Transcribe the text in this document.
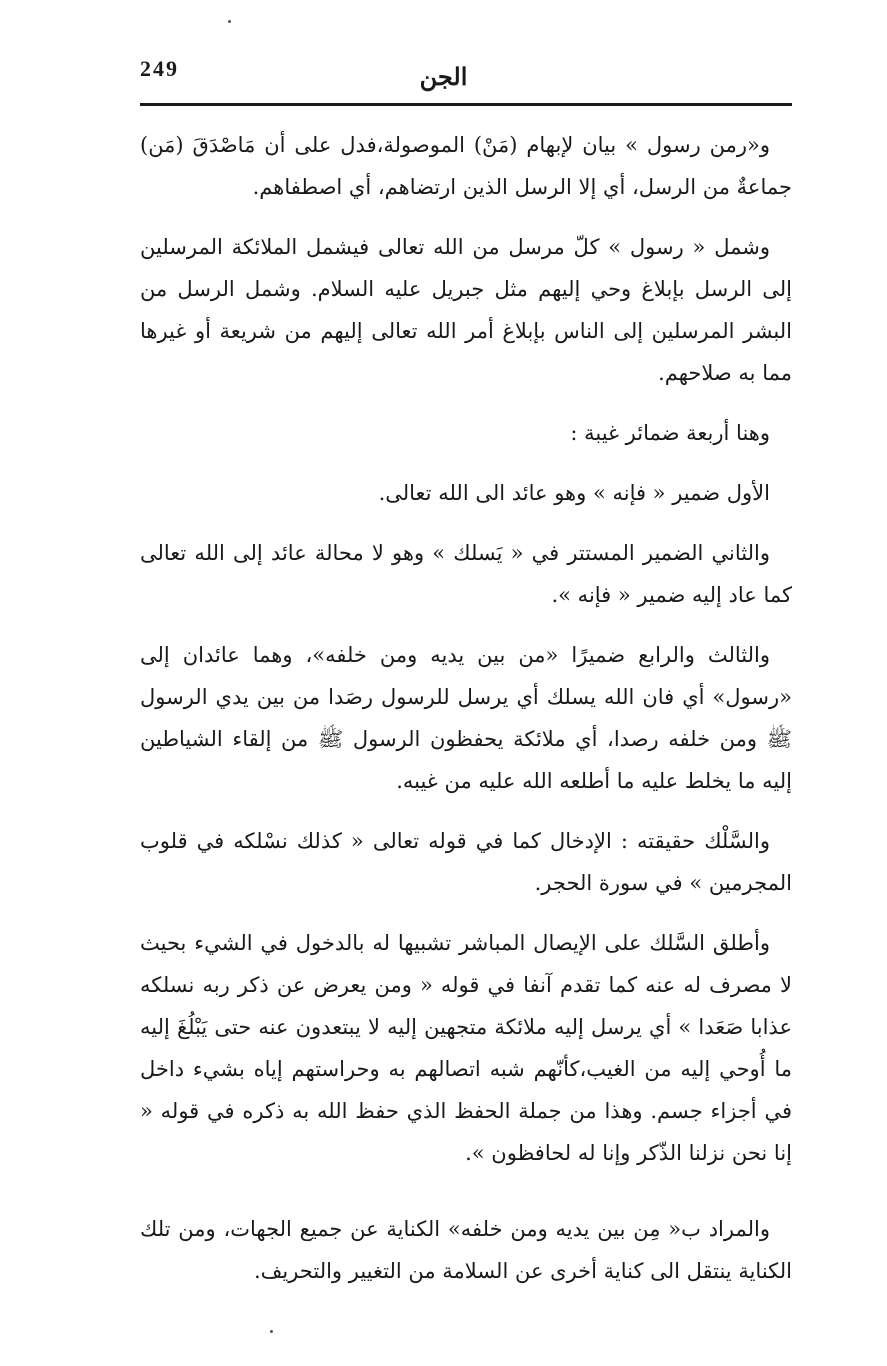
249	الجن

و«رمن رسول » بيان لإبهام (مَنْ) الموصولة،فدل على أن مَاصْدَقَ (مَن) جماعةٌ من الرسل، أي إلا الرسل الذين ارتضاهم، أي اصطفاهم.

وشمل « رسول » كلّ مرسل من الله تعالى فيشمل الملائكة المرسلين إلى الرسل بإبلاغ وحي إليهم مثل جبريل عليه السلام. وشمل الرسل من البشر المرسلين إلى الناس بإبلاغ أمر الله تعالى إليهم من شريعة أو غيرها مما به صلاحهم.

وهنا أربعة ضمائر غيبة :

الأول ضمير « فإنه » وهو عائد الى الله تعالى.

والثاني الضمير المستتر في « يَسلك » وهو لا محالة عائد إلى الله تعالى كما عاد إليه ضمير « فإنه ».

والثالث والرابع ضميرًا «من بين يديه ومن خلفه»، وهما عائدان إلى «رسول» أي فان الله يسلك أي يرسل للرسول رصَدا من بين يدي الرسول ﷺ ومن خلفه رصدا، أي ملائكة يحفظون الرسول ﷺ من إلقاء الشياطين إليه ما يخلط عليه ما أطلعه الله عليه من غيبه.

والسَّلْك حقيقته : الإدخال كما في قوله تعالى « كذلك نسْلكه في قلوب المجرمين » في سورة الحجر.

وأطلق السَّلك على الإيصال المباشر تشبيها له بالدخول في الشيء بحيث لا مصرف له عنه كما تقدم آنفا في قوله « ومن يعرض عن ذكر ربه نسلكه عذابا صَعَدا » أي يرسل إليه ملائكة متجهين إليه لا يبتعدون عنه حتى يَبْلُغَ إليه ما أُوحي إليه من الغيب،كأنّهم شبه اتصالهم به وحراستهم إياه بشيء داخل في أجزاء جسم. وهذا من جملة الحفظ الذي حفظ الله به ذكره في قوله « إنا نحن نزلنا الذّكر وإنا له لحافظون ».

والمراد ب« مِن بين يديه ومن خلفه» الكناية عن جميع الجهات، ومن تلك الكناية ينتقل الى كناية أخرى عن السلامة من التغيير والتحريف.
